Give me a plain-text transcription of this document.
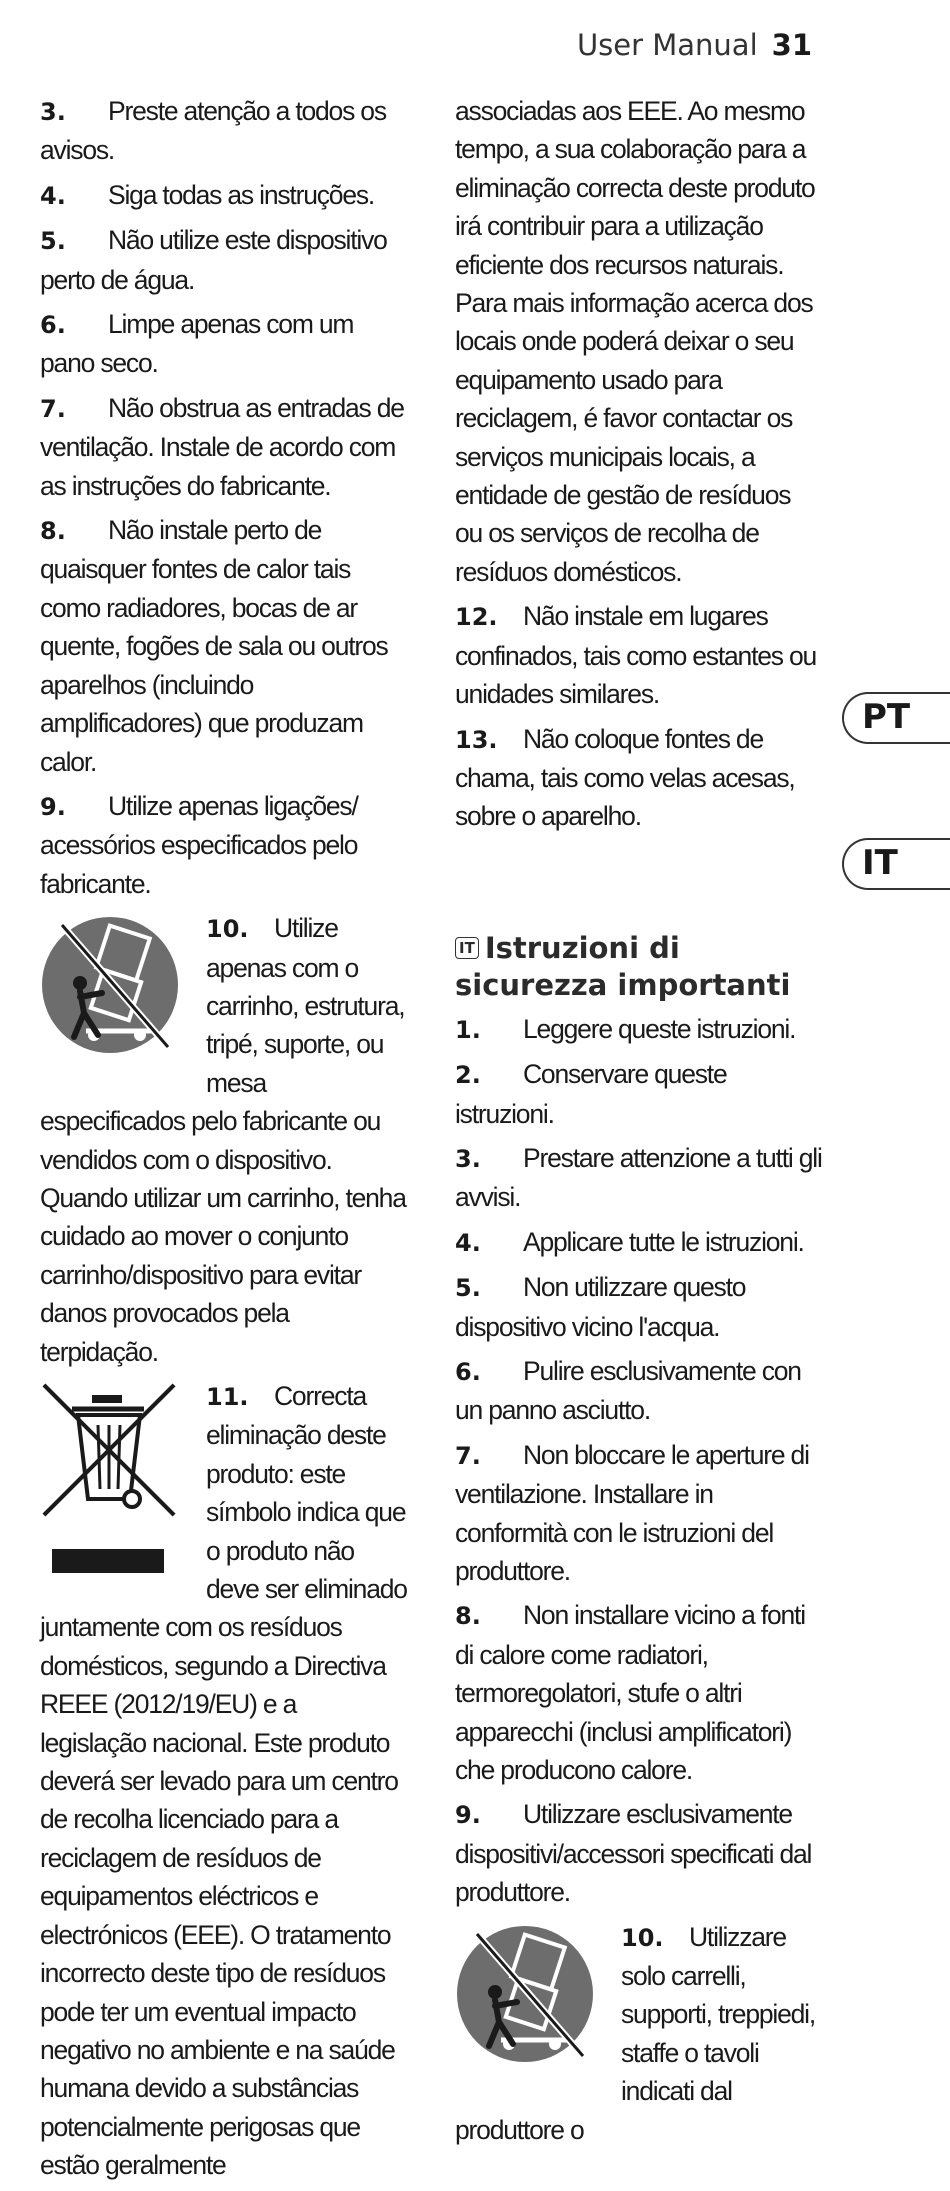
User Manual 31
PT
IT

3. Preste atenção a todos os avisos.

4. Siga todas as instruções.

5. Não utilize este dispositivo perto de água.

6. Limpe apenas com um pano seco.

7. Não obstrua as entradas de ventilação. Instale de acordo com as instruções do fabricante.

8. Não instale perto de quaisquer fontes de calor tais como radiadores, bocas de ar quente, fogões de sala ou outros aparelhos (incluindo amplificadores) que produzam calor.

9. Utilize apenas ligações/ acessórios especificados pelo fabricante.

10. Utilize apenas com o carrinho, estrutura, tripé, suporte, ou mesa especificados pelo fabricante ou vendidos com o dispositivo. Quando utilizar um carrinho, tenha cuidado ao mover o conjunto carrinho/dispositivo para evitar danos provocados pela terpidação.
11. Correcta eliminação deste produto: este símbolo indica que o produto não deve ser eliminado juntamente com os resíduos domésticos, segundo a Directiva REEE (2012/19/EU) e a legislação nacional. Este produto deverá ser levado para um centro de recolha licenciado para a reciclagem de resíduos de equipamentos eléctricos e electrónicos (EEE). O tratamento incorrecto deste tipo de resíduos pode ter um eventual impacto negativo no ambiente e na saúde humana devido a substâncias potencialmente perigosas que estão geralmente

associadas aos EEE. Ao mesmo tempo, a sua colaboração para a eliminação correcta deste produto irá contribuir para a utilização eficiente dos recursos naturais. Para mais informação acerca dos locais onde poderá deixar o seu equipamento usado para reciclagem, é favor contactar os serviços municipais locais, a entidade de gestão de resíduos ou os serviços de recolha de resíduos domésticos.

12. Não instale em lugares confinados, tais como estantes ou unidades similares.

13. Não coloque fontes de chama, tais como velas acesas, sobre o aparelho.

IT Istruzioni di sicurezza importanti

1. Leggere queste istruzioni.

2. Conservare queste istruzioni.

3. Prestare attenzione a tutti gli avvisi.

4. Applicare tutte le istruzioni.

5. Non utilizzare questo dispositivo vicino l'acqua.

6. Pulire esclusivamente con un panno asciutto.

7. Non bloccare le aperture di ventilazione. Installare in conformità con le istruzioni del produttore.

8. Non installare vicino a fonti di calore come radiatori, termoregolatori, stufe o altri apparecchi (inclusi amplificatori) che producono calore.

9. Utilizzare esclusivamente dispositivi/accessori specificati dal produttore.

10. Utilizzare solo carrelli, supporti, treppiedi, staffe o tavoli indicati dal produttore o
